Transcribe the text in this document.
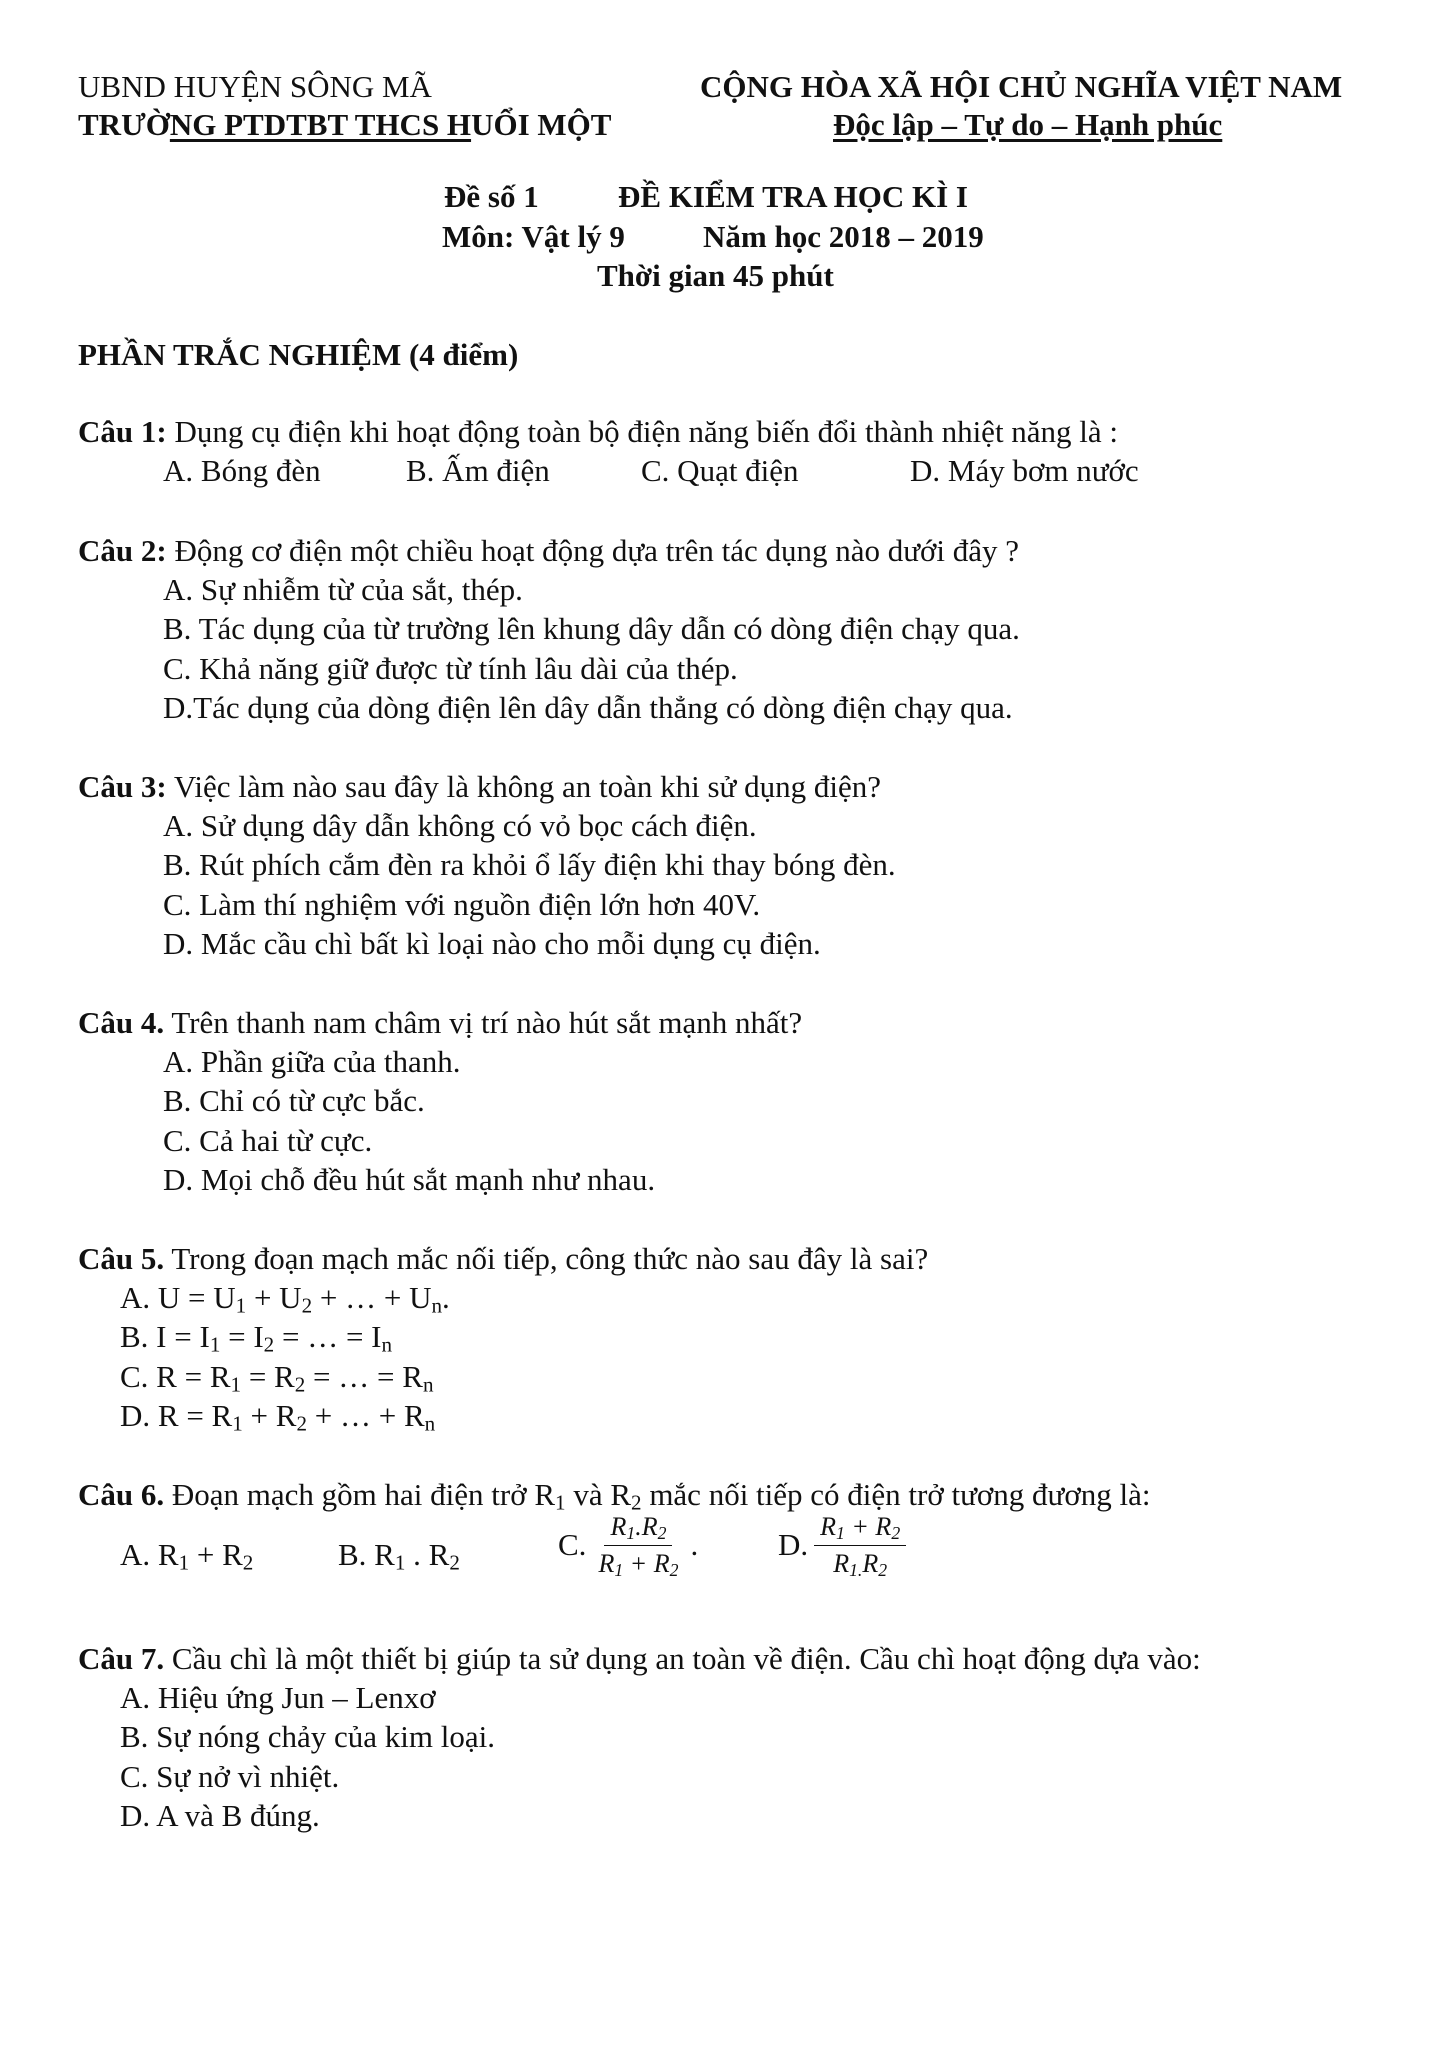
UBND HUYỆN SÔNG MÃ
TRƯỜNG PTDTBT THCS HUỔI MỘT
CỘNG HÒA XÃ HỘI CHỦ NGHĨA VIỆT NAM
Độc lập – Tự do – Hạnh phúc
Đề số 1	ĐỀ KIỂM TRA HỌC KÌ I
Môn: Vật lý 9	Năm học 2018 – 2019
Thời gian 45 phút
PHẦN TRẮC NGHIỆM (4 điểm)
Câu 1: Dụng cụ điện khi hoạt động toàn bộ điện năng biến đổi thành nhiệt năng là :
A. Bóng đèn	B. Ấm điện	C. Quạt điện	D. Máy bơm nước
Câu 2: Động cơ điện một chiều hoạt động dựa trên tác dụng nào dưới đây ?
A. Sự nhiễm từ của sắt, thép.
B. Tác dụng của từ trường lên khung dây dẫn có dòng điện chạy qua.
C. Khả năng giữ được từ tính lâu dài của thép.
D.Tác dụng của dòng điện lên dây dẫn thẳng có dòng điện chạy qua.
Câu 3: Việc làm nào sau đây là không an toàn khi sử dụng điện?
A. Sử dụng dây dẫn không có vỏ bọc cách điện.
B. Rút phích cắm đèn ra khỏi ổ lấy điện khi thay bóng đèn.
C. Làm thí nghiệm với nguồn điện lớn hơn 40V.
D. Mắc cầu chì bất kì loại nào cho mỗi dụng cụ điện.
Câu 4. Trên thanh nam châm vị trí nào hút sắt mạnh nhất?
A. Phần giữa của thanh.
B. Chỉ có từ cực bắc.
C. Cả hai từ cực.
D. Mọi chỗ đều hút sắt mạnh như nhau.
Câu 5. Trong đoạn mạch mắc nối tiếp, công thức nào sau đây là sai?
A. $U = U_1 + U_2$ + … + $U_n$.
B. $I = I_1 = I_2$ = … = $I_n$
C. $R = R_1 = R_2$ = … = $R_n$
D. $R = R_1 + R_2$ + … + $R_n$
Câu 6. Đoạn mạch gồm hai điện trở $R_1$ và $R_2$ mắc nối tiếp có điện trở tương đương là:
A. $R_1 + R_2$	B. $R_1$ . $R_2$
C. $\frac{R_1.R_2}{R_1 + R_2}$ .	D. $\frac{R_1 + R_2}{R_{1.}R_2}$
Câu 7. Cầu chì là một thiết bị giúp ta sử dụng an toàn về điện. Cầu chì hoạt động dựa vào:
A. Hiệu ứng Jun – Lenxơ
B. Sự nóng chảy của kim loại.
C. Sự nở vì nhiệt.
D. A và B đúng.
